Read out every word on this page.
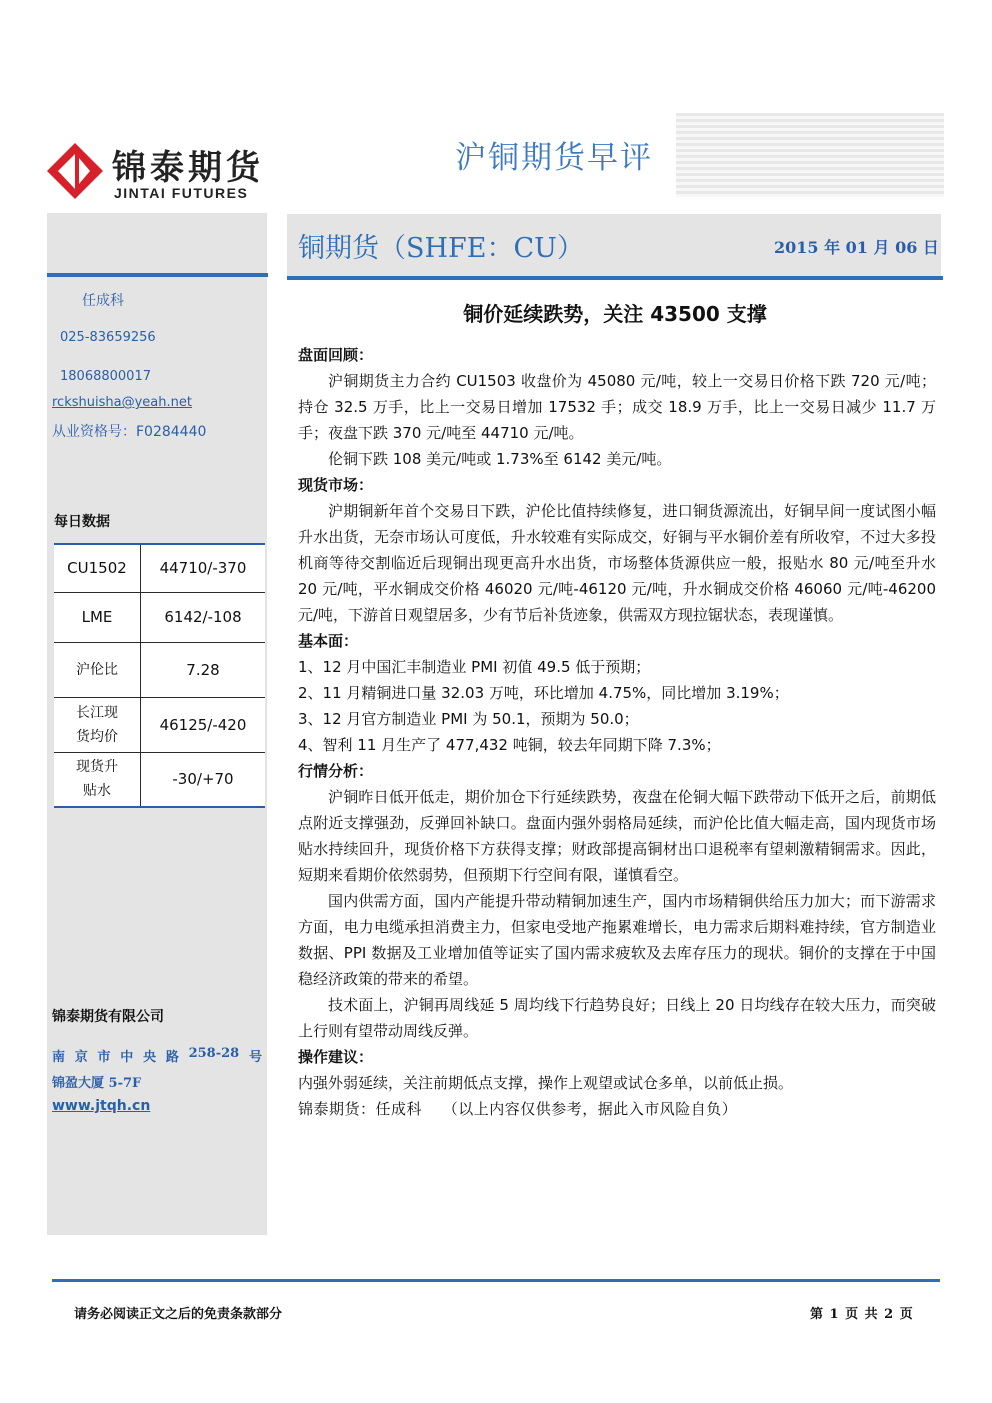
锦泰期货
JINTAI FUTURES
沪铜期货早评
任成科
025-83659256
18068800017
rckshuisha@yeah.net
从业资格号：F0284440
每日数据
CU1502	44710/-370
LME	6142/-108
沪伦比	7.28
长江现
货均价	46125/-420
现货升
贴水	-30/+70
锦泰期货有限公司
南 京 市 中 央 路 258-28 号
锦盈大厦 5-7F
www.jtqh.cn
铜期货（SHFE：CU）	2015 年 01 月 06 日
铜价延续跌势，关注 43500 支撑

盘面回顾：

沪铜期货主力合约 CU1503 收盘价为 45080 元/吨，较上一交易日价格下跌 720 元/吨；持仓 32.5 万手，比上一交易日增加 17532 手；成交 18.9 万手，比上一交易日减少 11.7 万手；夜盘下跌 370 元/吨至 44710 元/吨。

伦铜下跌 108 美元/吨或 1.73%至 6142 美元/吨。

现货市场：

沪期铜新年首个交易日下跌，沪伦比值持续修复，进口铜货源流出，好铜早间一度试图小幅升水出货，无奈市场认可度低，升水较难有实际成交，好铜与平水铜价差有所收窄，不过大多投机商等待交割临近后现铜出现更高升水出货，市场整体货源供应一般，报贴水 80 元/吨至升水 20 元/吨，平水铜成交价格 46020 元/吨-46120 元/吨，升水铜成交价格 46060 元/吨-46200 元/吨，下游首日观望居多，少有节后补货迹象，供需双方现拉锯状态，表现谨慎。

基本面：

1、12 月中国汇丰制造业 PMI 初值 49.5 低于预期；

2、11 月精铜进口量 32.03 万吨，环比增加 4.75%，同比增加 3.19%；

3、12 月官方制造业 PMI 为 50.1，预期为 50.0；

4、智利 11 月生产了 477,432 吨铜，较去年同期下降 7.3%；

行情分析：

沪铜昨日低开低走，期价加仓下行延续跌势，夜盘在伦铜大幅下跌带动下低开之后，前期低点附近支撑强劲，反弹回补缺口。盘面内强外弱格局延续，而沪伦比值大幅走高，国内现货市场贴水持续回升，现货价格下方获得支撑；财政部提高铜材出口退税率有望刺激精铜需求。因此，短期来看期价依然弱势，但预期下行空间有限，谨慎看空。

国内供需方面，国内产能提升带动精铜加速生产，国内市场精铜供给压力加大；而下游需求方面，电力电缆承担消费主力，但家电受地产拖累难增长，电力需求后期料难持续，官方制造业数据、PPI 数据及工业增加值等证实了国内需求疲软及去库存压力的现状。铜价的支撑在于中国稳经济政策的带来的希望。

技术面上，沪铜再周线延 5 周均线下行趋势良好；日线上 20 日均线存在较大压力，而突破上行则有望带动周线反弹。

操作建议：

内强外弱延续，关注前期低点支撑，操作上观望或试仓多单，以前低止损。

锦泰期货：任成科　 （以上内容仅供参考，据此入市风险自负）

请务必阅读正文之后的免责条款部分	第 1 页 共 2 页
